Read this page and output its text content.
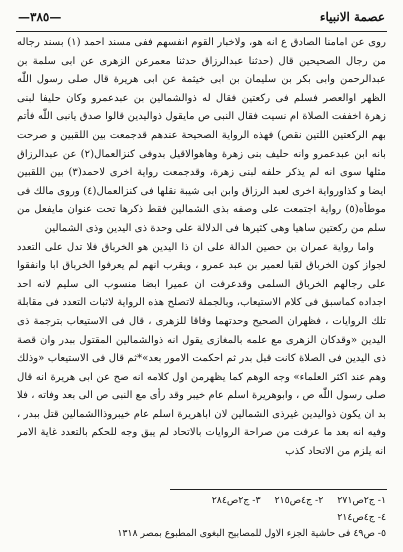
عصمة الانبياء
—٣٨٥—

روى عن امامنا الصادق ع انه هو، ولاخبار القوم انفسهم ففى مسند احمد (١) بسند رجاله من رجال الصحيحين قال (حدثنا عبدالرزاق حدثنا معمرعن الزهرى عن ابى سلمة بن عبدالرحمن وابى بكر بن سليمان بن ابى خيثمة عن ابى هريرة قال صلى رسول اللّٰه الظهر اوالعصر فسلم فى ركعتين فقال له ذوالشمالين بن عبدعمرو وكان حليفا لبنى زهرة اخففت الصلاة ام نسيت فقال النبى ص مايقول ذواليدين قالوا صدق يانبى اللّٰه فأتم بهم الركعتين اللتين نقص) فهذه الرواية الصحيحة عندهم قدجمعت بين اللقبين و صرحت بانه ابن عبدعمرو وانه حليف بنى زهرة وهاهوالاقيل بدوفى كنزالعمال(٢) عن عبدالرزاق مثلها سوى انه لم يذكر حلفه لبنى زهرة، وقدجمعت رواية اخرى لاحمد(٣) بين اللقبين ايضا و كذاورواية اخرى لعبد الرزاق وابن ابى شيبة نقلها فى كنزالعمال(٤) وروى مالك فى موطأه(٥) رواية اجتمعت على وصفه بذى الشمالين فقط ذكرها تحت عنوان مايفعل من سلم من ركعتين ساهيا وهى كثيرها فى الدلالة على وحدة ذى اليدين وذى الشمالين

واما رواية عمران بن حصين الدالة على ان ذا اليدين هو الخرباق فلا تدل على التعدد لجواز كون الخرباق لقبا لعمير بن عبد عمرو ، ويقرب انهم لم يعرفوا الخرباق ابا وانفقوا على رجالهم الخرباق السلمى وقدعرفت ان عميرا ابضا منسوب الى سليم لانه احد اجداده كماسبق فى كلام الاستيعاب، وبالجملة لاتصلح هذه الرواية لاثبات التعدد فى مقابلة تلك الروايات ، فظهران الصحيح وحدتهما وفاقا للزهرى ، قال فى الاستيعاب بترجمة ذى اليدين «وقدكان الزهرى مع علمه بالمغازى يقول انه ذوالشمالين المقتول ببدر وان قصة ذى اليدين فى الصلاة كانت قبل بدر ثم احكمت الامور بعد»*ثم قال فى الاستيعاب «وذلك وهم عند اكثر العلماء» وجه الوهم كما يظهرمن اول كلامه انه صح عن ابى هريرة انه قال صلى رسول اللّٰه ص ، وابوهريرة اسلم عام خيبر وقد رأى مع النبى ص الى بعد وفاته ، فلا بد ان يكون ذواليدين غيرذى الشمالين لان اباهريرة اسلم عام خيبروذاالشمالين قتل ببدر ، وفيه انه بعد ما عرفت من صراحة الروايات بالاتحاد لم يبق وجه للحكم بالتعدد غاية الامر انه يلزم من الاتحاد كذب

١- ج٢ص٢٧١٢- ج٤ص٢١٥٣- ج٢ص٢٨٤
٤- ج٤ص٢١٤
٥- ص٤٩ فى حاشية الجزء الاول للمصابيح البغوى المطبوع بمصر ١٣١٨
